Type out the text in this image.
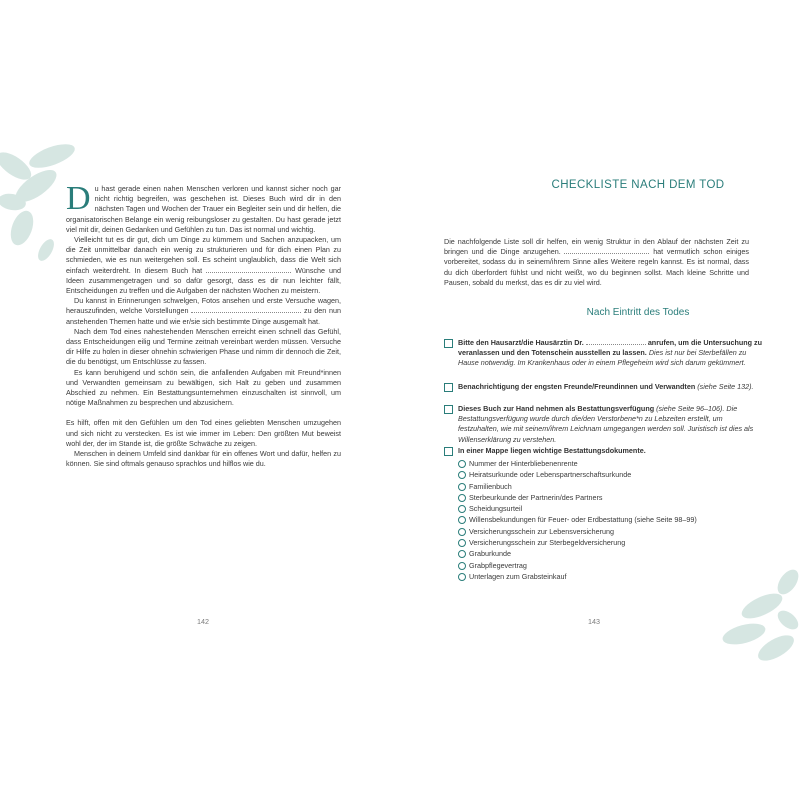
D u hast gerade einen nahen Menschen verloren und kannst sicher noch gar nicht richtig begreifen, was geschehen ist. Dieses Buch wird dir in den nächsten Tagen und Wochen der Trauer ein Begleiter sein und dir helfen, die organisatorischen Belange ein wenig reibungsloser zu gestalten. Du hast gerade jetzt viel mit dir, deinen Gedanken und Gefühlen zu tun. Das ist normal und wichtig.

Vielleicht tut es dir gut, dich um Dinge zu kümmern und Sachen anzupacken, um die Zeit unmittelbar danach ein wenig zu strukturieren und für dich einen Plan zu schmieden, wie es nun weitergehen soll. Es scheint unglaublich, dass die Welt sich einfach weiterdreht. In diesem Buch hat	Wünsche und Ideen zusammengetragen und so dafür gesorgt, dass es dir nun leichter fällt, Entscheidungen zu treffen und die Aufgaben der nächsten Wochen zu meistern.

Du kannst in Erinnerungen schwelgen, Fotos ansehen und erste Versuche wagen, herauszufinden, welche Vorstellungen	zu den nun anstehenden Themen hatte und wie er/sie sich bestimmte Dinge ausgemalt hat.

Nach dem Tod eines nahestehenden Menschen erreicht einen schnell das Gefühl, dass Entscheidungen eilig und Termine zeitnah vereinbart werden müssen. Versuche dir Hilfe zu holen in dieser ohnehin schwierigen Phase und nimm dir dennoch die Zeit, die du benötigst, um Entschlüsse zu fassen.

Es kann beruhigend und schön sein, die anfallenden Aufgaben mit Freund*innen und Verwandten gemeinsam zu bewältigen, sich Halt zu geben und zusammen Abschied zu nehmen. Ein Bestattungsunternehmen einzuschalten ist sinnvoll, um nötige Maßnahmen zu besprechen und abzusichern.

Es hilft, offen mit den Gefühlen um den Tod eines geliebten Menschen umzugehen und sich nicht zu verstecken. Es ist wie immer im Leben: Den größten Mut beweist wohl der, der im Stande ist, die größte Schwäche zu zeigen.

Menschen in deinem Umfeld sind dankbar für ein offenes Wort und dafür, helfen zu können. Sie sind oftmals genauso sprachlos und hilflos wie du.

142
CHECKLISTE NACH DEM TOD

Die nachfolgende Liste soll dir helfen, ein wenig Struktur in den Ablauf der nächsten Zeit zu bringen und die Dinge anzugehen.	hat vermutlich schon einiges vorbereitet, sodass du in seinem/ihrem Sinne alles Weitere regeln kannst. Es ist normal, dass du dich überfordert fühlst und nicht weißt, wo du beginnen sollst. Mach kleine Schritte und Pausen, sobald du merkst, das es dir zu viel wird.

Nach Eintritt des Todes
Bitte den Hausarzt/die Hausärztin Dr.	anrufen, um die Untersuchung zu veranlassen und den Totenschein ausstellen zu lassen. Dies ist nur bei Sterbefällen zu Hause notwendig. Im Krankenhaus oder in einem Pflegeheim wird sich darum gekümmert.
Benachrichtigung der engsten Freunde/Freundinnen und Verwandten (siehe Seite 132).
Dieses Buch zur Hand nehmen als Bestattungsverfügung (siehe Seite 96–106). Die Bestattungsverfügung wurde durch die/den Verstorbene*n zu Lebzeiten erstellt, um festzuhalten, wie mit seinem/ihrem Leichnam umgegangen werden soll. Juristisch ist dies als Willenserklärung zu verstehen.
In einer Mappe liegen wichtige Bestattungsdokumente.
Nummer der Hinterbliebenenrente
Heiratsurkunde oder Lebenspartnerschaftsurkunde
Familienbuch
Sterbeurkunde der Partnerin/des Partners
Scheidungsurteil
Willensbekundungen für Feuer- oder Erdbestattung (siehe Seite 98–99)
Versicherungsschein zur Lebensversicherung
Versicherungsschein zur Sterbegeldversicherung
Graburkunde
Grabpflegevertrag
Unterlagen zum Grabsteinkauf
143
